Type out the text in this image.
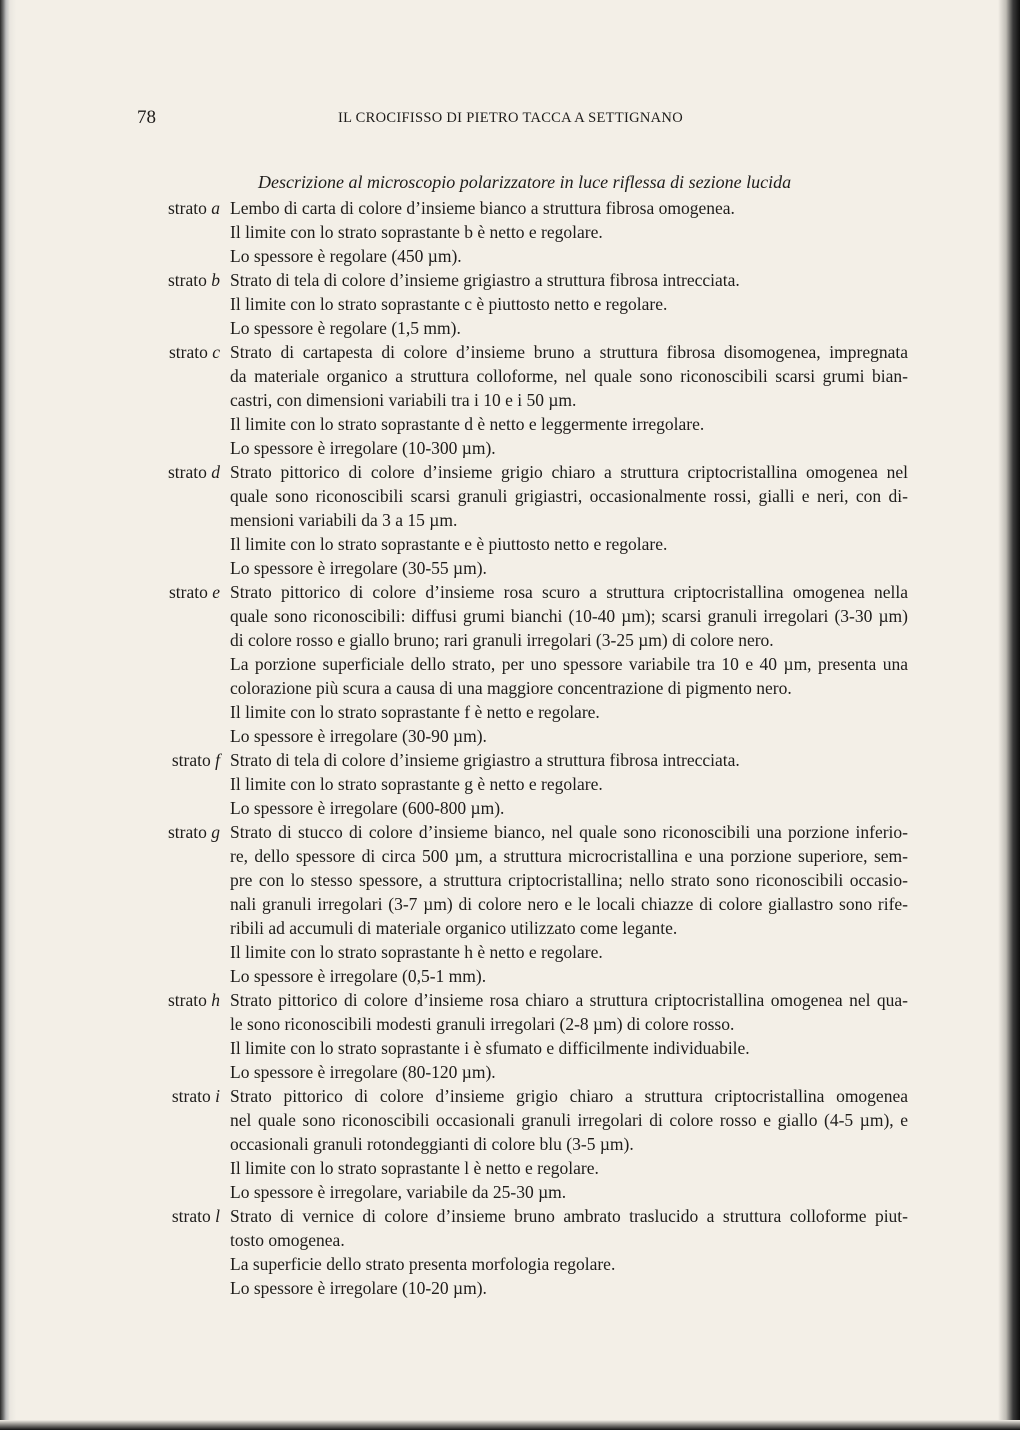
78	IL CROCIFISSO DI PIETRO TACCA A SETTIGNANO
Descrizione al microscopio polarizzatore in luce riflessa di sezione lucida
strato a Lembo di carta di colore d’insieme bianco a struttura fibrosa omogenea.
Il limite con lo strato soprastante b è netto e regolare.
Lo spessore è regolare (450 µm).
strato b Strato di tela di colore d’insieme grigiastro a struttura fibrosa intrecciata.
Il limite con lo strato soprastante c è piuttosto netto e regolare.
Lo spessore è regolare (1,5 mm).
strato c Strato di cartapesta di colore d’insieme bruno a struttura fibrosa disomogenea, impregnata
da materiale organico a struttura colloforme, nel quale sono riconoscibili scarsi grumi bian-
castri, con dimensioni variabili tra i 10 e i 50 µm.
Il limite con lo strato soprastante d è netto e leggermente irregolare.
Lo spessore è irregolare (10-300 µm).
strato d Strato pittorico di colore d’insieme grigio chiaro a struttura criptocristallina omogenea nel
quale sono riconoscibili scarsi granuli grigiastri, occasionalmente rossi, gialli e neri, con di-
mensioni variabili da 3 a 15 µm.
Il limite con lo strato soprastante e è piuttosto netto e regolare.
Lo spessore è irregolare (30-55 µm).
strato e Strato pittorico di colore d’insieme rosa scuro a struttura criptocristallina omogenea nella
quale sono riconoscibili: diffusi grumi bianchi (10-40 µm); scarsi granuli irregolari (3-30 µm)
di colore rosso e giallo bruno; rari granuli irregolari (3-25 µm) di colore nero.
La porzione superficiale dello strato, per uno spessore variabile tra 10 e 40 µm, presenta una
colorazione più scura a causa di una maggiore concentrazione di pigmento nero.
Il limite con lo strato soprastante f è netto e regolare.
Lo spessore è irregolare (30-90 µm).
strato f Strato di tela di colore d’insieme grigiastro a struttura fibrosa intrecciata.
Il limite con lo strato soprastante g è netto e regolare.
Lo spessore è irregolare (600-800 µm).
strato g Strato di stucco di colore d’insieme bianco, nel quale sono riconoscibili una porzione inferio-
re, dello spessore di circa 500 µm, a struttura microcristallina e una porzione superiore, sem-
pre con lo stesso spessore, a struttura criptocristallina; nello strato sono riconoscibili occasio-
nali granuli irregolari (3-7 µm) di colore nero e le locali chiazze di colore giallastro sono rife-
ribili ad accumuli di materiale organico utilizzato come legante.
Il limite con lo strato soprastante h è netto e regolare.
Lo spessore è irregolare (0,5-1 mm).
strato h Strato pittorico di colore d’insieme rosa chiaro a struttura criptocristallina omogenea nel qua-
le sono riconoscibili modesti granuli irregolari (2-8 µm) di colore rosso.
Il limite con lo strato soprastante i è sfumato e difficilmente individuabile.
Lo spessore è irregolare (80-120 µm).
strato i Strato pittorico di colore d’insieme grigio chiaro a struttura criptocristallina omogenea
nel quale sono riconoscibili occasionali granuli irregolari di colore rosso e giallo (4-5 µm), e
occasionali granuli rotondeggianti di colore blu (3-5 µm).
Il limite con lo strato soprastante l è netto e regolare.
Lo spessore è irregolare, variabile da 25-30 µm.
strato l Strato di vernice di colore d’insieme bruno ambrato traslucido a struttura colloforme piut-
tosto omogenea.
La superficie dello strato presenta morfologia regolare.
Lo spessore è irregolare (10-20 µm).
